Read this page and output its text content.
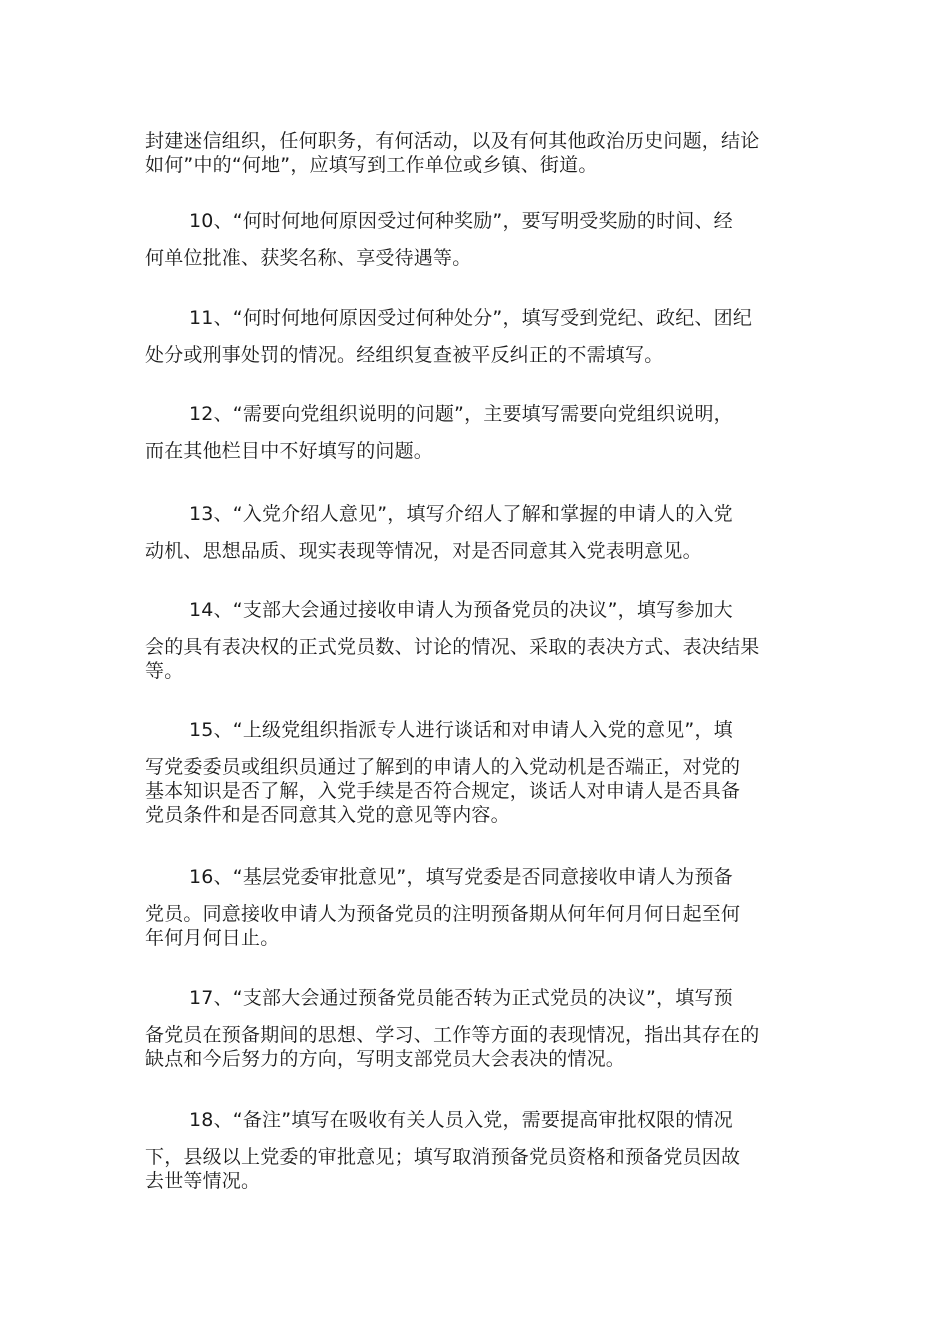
封建迷信组织，任何职务，有何活动，以及有何其他政治历史问题，结论
如何”中的“何地”，应填写到工作单位或乡镇、街道。
10、“何时何地何原因受过何种奖励”，要写明受奖励的时间、经
何单位批准、获奖名称、享受待遇等。
11、“何时何地何原因受过何种处分”，填写受到党纪、政纪、团纪
处分或刑事处罚的情况。经组织复查被平反纠正的不需填写。
12、“需要向党组织说明的问题”，主要填写需要向党组织说明，
而在其他栏目中不好填写的问题。
13、“入党介绍人意见”，填写介绍人了解和掌握的申请人的入党
动机、思想品质、现实表现等情况，对是否同意其入党表明意见。
14、“支部大会通过接收申请人为预备党员的决议”，填写参加大
会的具有表决权的正式党员数、讨论的情况、采取的表决方式、表决结果
等。
15、“上级党组织指派专人进行谈话和对申请人入党的意见”，填
写党委委员或组织员通过了解到的申请人的入党动机是否端正，对党的
基本知识是否了解，入党手续是否符合规定，谈话人对申请人是否具备
党员条件和是否同意其入党的意见等内容。
16、“基层党委审批意见”，填写党委是否同意接收申请人为预备
党员。同意接收申请人为预备党员的注明预备期从何年何月何日起至何
年何月何日止。
17、“支部大会通过预备党员能否转为正式党员的决议”，填写预
备党员在预备期间的思想、学习、工作等方面的表现情况，指出其存在的
缺点和今后努力的方向，写明支部党员大会表决的情况。
18、“备注”填写在吸收有关人员入党，需要提高审批权限的情况
下，县级以上党委的审批意见；填写取消预备党员资格和预备党员因故
去世等情况。
